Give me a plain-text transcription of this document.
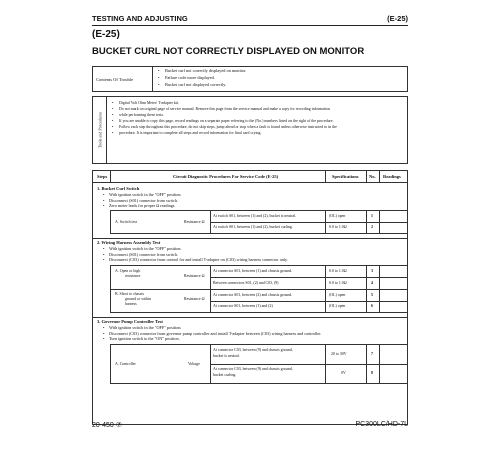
TESTING AND ADJUSTING	(E-25)
(E-25)
BUCKET CURL NOT CORRECTLY DISPLAYED ON MONITOR
Contents Of Trouble
• Bucket curl not correctly displayed on monitor.
• Failure code more displayed.
• Bucket curl not displayed correctly.
Tools and Procedures
• Digital Volt Ohm Meter/ T-adapter kit.
• Do not mark on original page of service manual. Remove this page from the service manual and make a copy for recording information
• while performing these tests.
• If you are unable to copy this page, record readings on a separate paper referring to the (No.) numbers listed on the right of the procedure.
• Follow each step throughout this procedure, do not skip steps, jump ahead or stop when a fault is found unless otherwise instructed to in the
• procedure. It is important to complete all steps and record information for final card crying.
Steps	Circuit Diagnostic Procedures For Service Code (E-25)	Specifications No. Readings
1. Bucket Curl Switch
• With ignition switch in the "OFF" position.
• Disconnect (S01) connector from switch.
• Zero meter leads for proper Ω readings.
A. Switch test	Resistance Ω
At switch S01, between (1) and (2), bucket is neutral.	(OL) open	1
At switch S01, between (1) and (2), bucket curling.	0.0 to 1.0Ω	2
2. Wiring Harness Assembly Test
• With ignition switch in the "OFF" position.
• Disconnect (S01) connector from switch.
• Disconnect (C03) connector from control for and install T-adapter on (C03) wiring harness connector only.
A. Open or high
resistance	Resistance Ω
B. Short to chassis
ground or within
harness
Resistance Ω
At connector S01, between (1) and chassis ground.	0.0 to 1.0Ω	3
Between connectors S01, (2) and C03, (9)	0.0 to 1.0Ω	4
At connector S01, between (2) and chassis ground.	(OL) open	5
At connector S01, between (1) and (2)	(OL) open	6
3. Governor Pump Controller Test
• With ignition switch in the "OFF" position.
• Disconnect (C03) connector from governor pump controller and install T-adapter between (C03) wiring harness and controller.
• Turn ignition switch to the "ON" position.
A. Controller	Voltage
At connector C03, between (9) and chassis ground,
bucket is neutral.	20 to 30V	7
At connector C03, between (9) and chassis ground,
bucket curling.	0V	8
20-450 ⑦	PC300LC/HD-7L
